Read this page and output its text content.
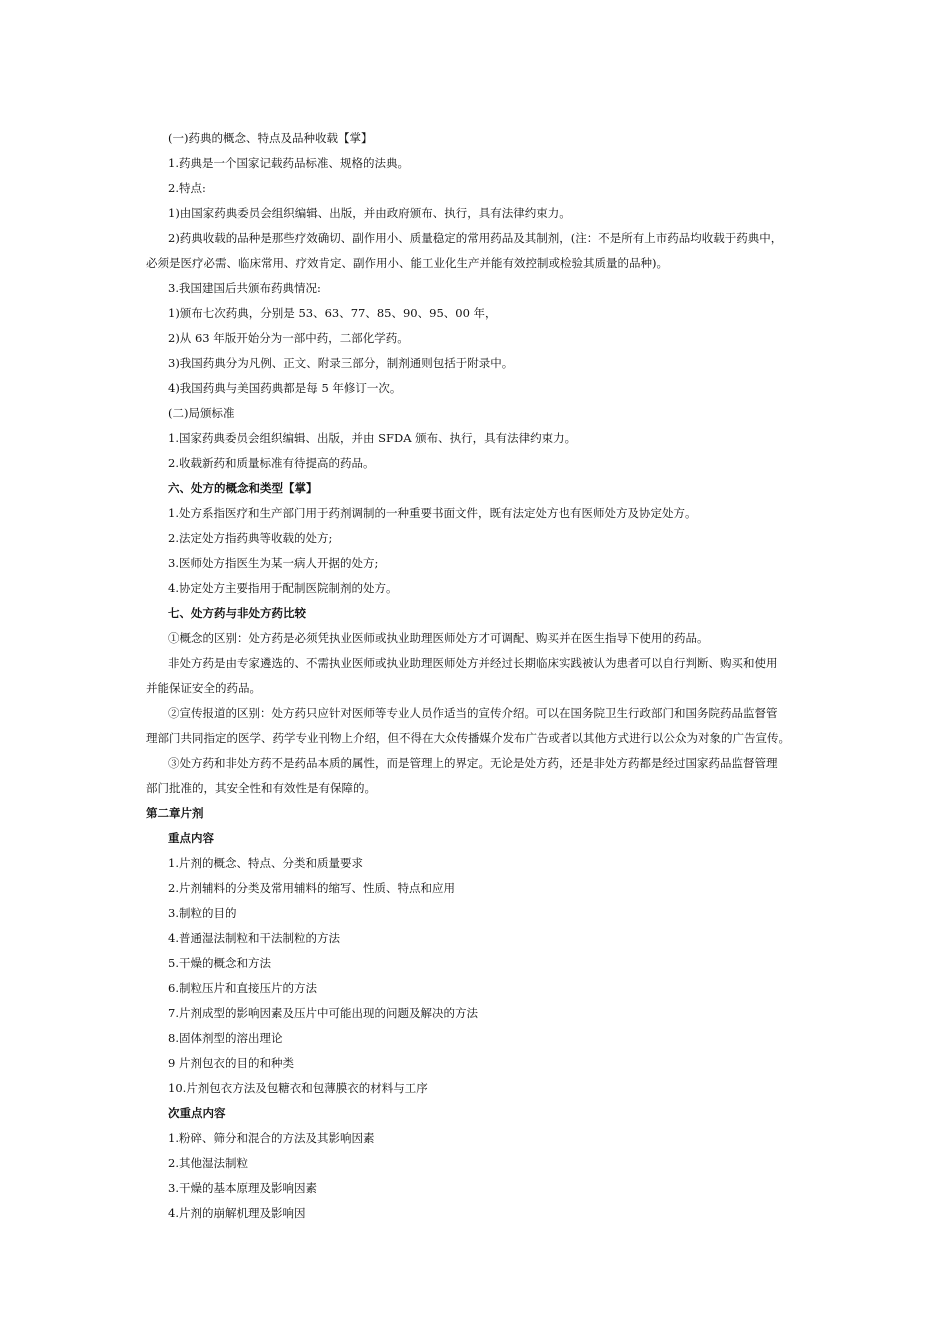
(一)药典的概念、特点及品种收载【掌】
1.药典是一个国家记载药品标准、规格的法典。
2.特点:
1)由国家药典委员会组织编辑、出版，并由政府颁布、执行，具有法律约束力。
2)药典收载的品种是那些疗效确切、副作用小、质量稳定的常用药品及其制剂，(注：不是所有上市药品均收载于药典中，
必须是医疗必需、临床常用、疗效肯定、副作用小、能工业化生产并能有效控制或检验其质量的品种)。
3.我国建国后共颁布药典情况:
1)颁布七次药典，分别是 53、63、77、85、90、95、00 年，
2)从 63 年版开始分为一部中药，二部化学药。
3)我国药典分为凡例、正文、附录三部分，制剂通则包括于附录中。
4)我国药典与美国药典都是每 5 年修订一次。
(二)局颁标准
1.国家药典委员会组织编辑、出版，并由 SFDA 颁布、执行，具有法律约束力。
2.收载新药和质量标准有待提高的药品。
六、处方的概念和类型【掌】
1.处方系指医疗和生产部门用于药剂调制的一种重要书面文件，既有法定处方也有医师处方及协定处方。
2.法定处方指药典等收载的处方;
3.医师处方指医生为某一病人开据的处方;
4.协定处方主要指用于配制医院制剂的处方。
七、处方药与非处方药比较
①概念的区别：处方药是必须凭执业医师或执业助理医师处方才可调配、购买并在医生指导下使用的药品。
非处方药是由专家遴选的、不需执业医师或执业助理医师处方并经过长期临床实践被认为患者可以自行判断、购买和使用
并能保证安全的药品。
②宣传报道的区别：处方药只应针对医师等专业人员作适当的宣传介绍。可以在国务院卫生行政部门和国务院药品监督管
理部门共同指定的医学、药学专业刊物上介绍，但不得在大众传播媒介发布广告或者以其他方式进行以公众为对象的广告宣传。
③处方药和非处方药不是药品本质的属性，而是管理上的界定。无论是处方药，还是非处方药都是经过国家药品监督管理
部门批准的，其安全性和有效性是有保障的。
第二章片剂
重点内容
1.片剂的概念、特点、分类和质量要求
2.片剂辅料的分类及常用辅料的缩写、性质、特点和应用
3.制粒的目的
4.普通湿法制粒和干法制粒的方法
5.干燥的概念和方法
6.制粒压片和直接压片的方法
7.片剂成型的影响因素及压片中可能出现的问题及解决的方法
8.固体剂型的溶出理论
9 片剂包衣的目的和种类
10.片剂包衣方法及包糖衣和包薄膜衣的材料与工序
次重点内容
1.粉碎、筛分和混合的方法及其影响因素
2.其他湿法制粒
3.干燥的基本原理及影响因素
4.片剂的崩解机理及影响因
